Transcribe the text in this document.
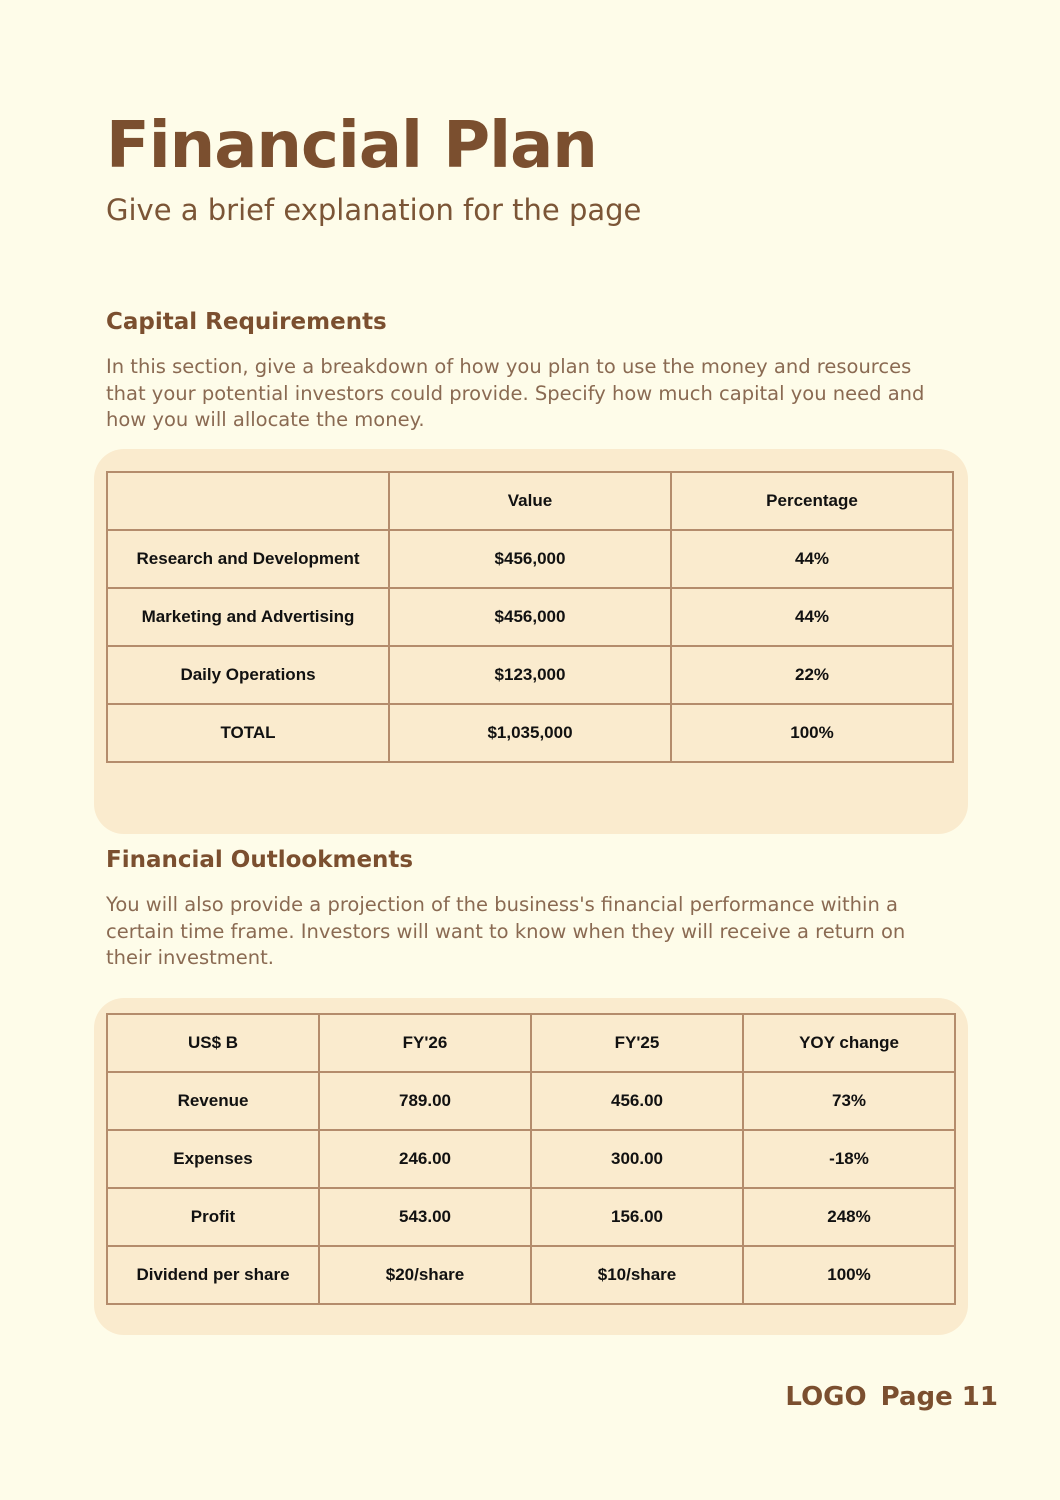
Financial Plan
Give a brief explanation for the page
Capital Requirements
In this section, give a breakdown of how you plan to use the money and resources that your potential investors could provide. Specify how much capital you need and how you will allocate the money.
	Value	Percentage
Research and Development	$456,000	44%
Marketing and Advertising	$456,000	44%
Daily Operations	$123,000	22%
TOTAL	$1,035,000	100%
Financial Outlookments
You will also provide a projection of the business's financial performance within a certain time frame. Investors will want to know when they will receive a return on their investment.
US$ B	FY'26	FY'25	YOY change
Revenue	789.00	456.00	73%
Expenses	246.00	300.00	-18%
Profit	543.00	156.00	248%
Dividend per share	$20/share	$10/share	100%
LOGO Page 11
